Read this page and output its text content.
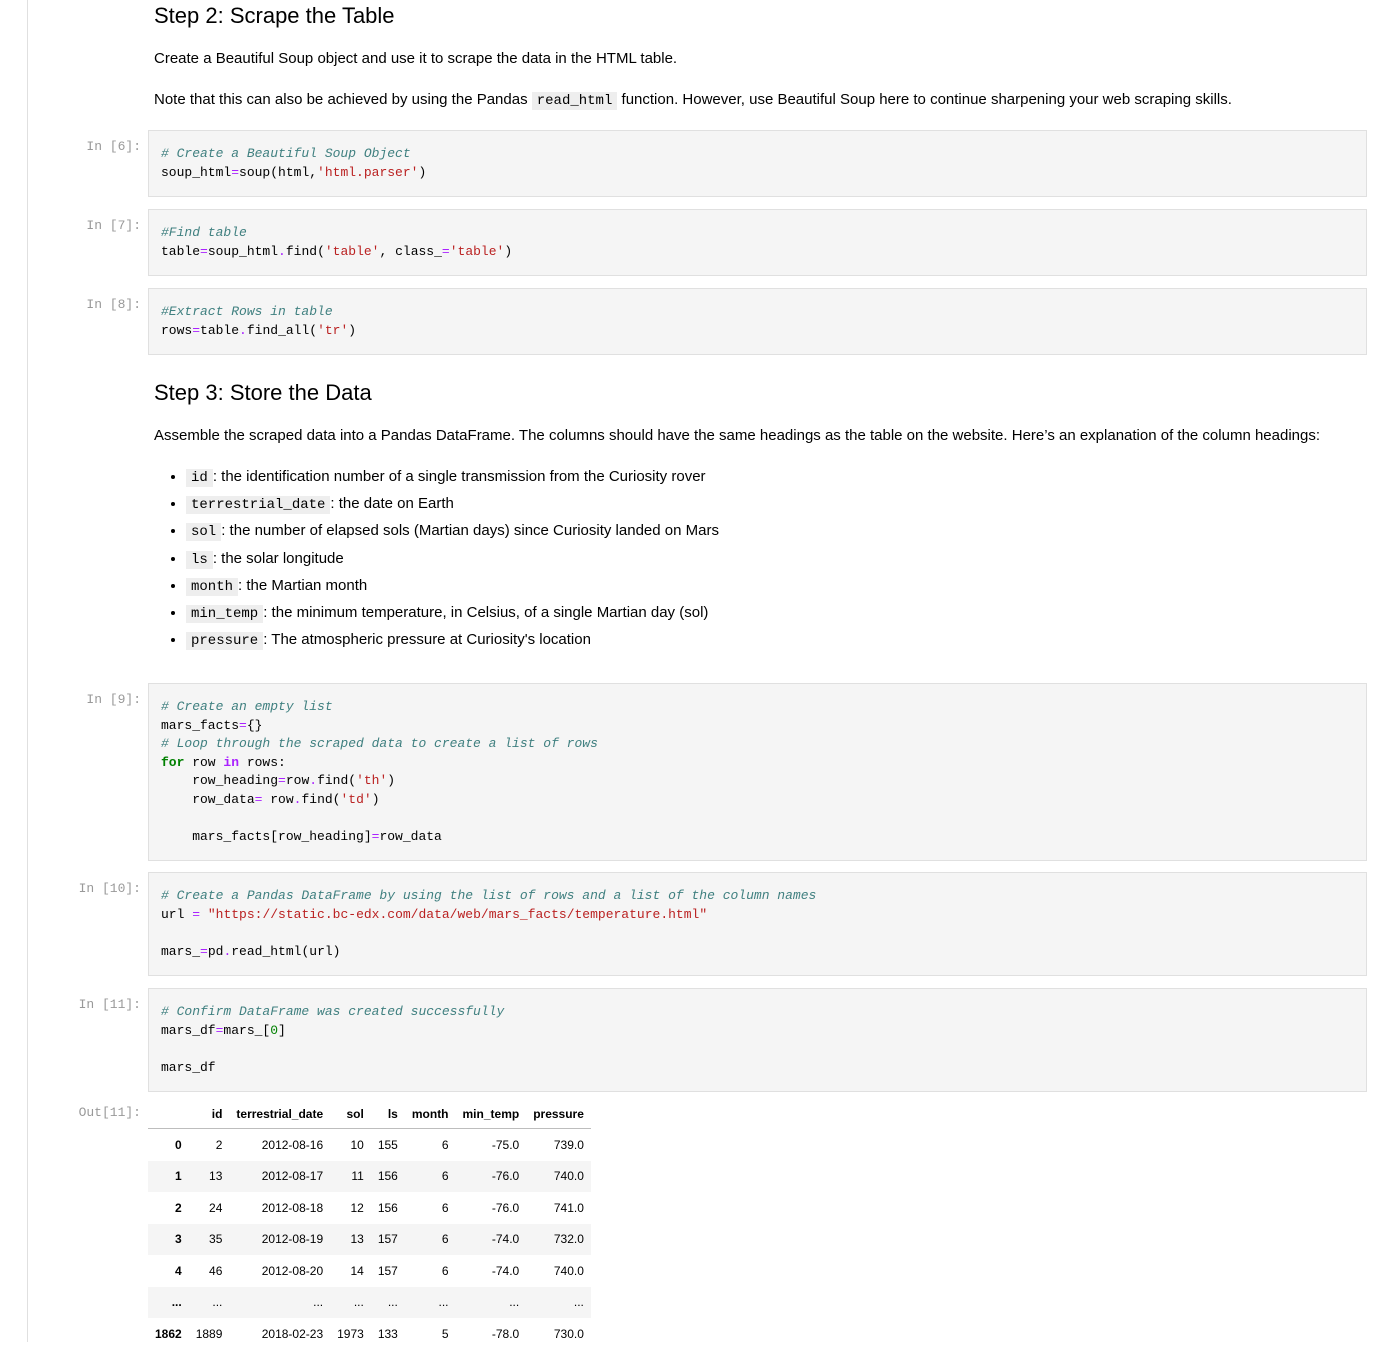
Step 2: Scrape the Table

Create a Beautiful Soup object and use it to scrape the data in the HTML table.

Note that this can also be achieved by using the Pandas read_html function. However, use Beautiful Soup here to continue sharpening your web scraping skills.

Step 3: Store the Data

Assemble the scraped data into a Pandas DataFrame. The columns should have the same headings as the table on the website. Here’s an explanation of the column headings:

• id : the identification number of a single transmission from the Curiosity rover
• terrestrial_date : the date on Earth
• sol : the number of elapsed sols (Martian days) since Curiosity landed on Mars
• ls : the solar longitude
• month : the Martian month
• min_temp : the minimum temperature, in Celsius, of a single Martian day (sol)
• pressure : The atmospheric pressure at Curiosity's location
In [6]: # Create a Beautiful Soup Object
soup_html=soup(html,'html.parser')
In [7]: #Find table
table=soup_html.find('table', class_='table')
In [8]: #Extract Rows in table
rows=table.find_all('tr')
In [9]: # Create an empty list
mars_facts={}
# Loop through the scraped data to create a list of rows
for row in rows:
row_heading=row.find('th')
row_data= row.find('td')
mars_facts[row_heading]=row_data
In [10]: # Create a Pandas DataFrame by using the list of rows and a list of the column names
url = "https://static.bc-edx.com/data/web/mars_facts/temperature.html"
mars_=pd.read_html(url)
In [11]: # Confirm DataFrame was created successfully
mars_df=mars_[0]
mars_df
Out[11]:
		id	terrestrial_date	sol	ls	month	min_temp	pressure
0	2	2012-08-16	10	155	6	-75.0	739.0
1	13	2012-08-17	11	156	6	-76.0	740.0
2	24	2012-08-18	12	156	6	-76.0	741.0
3	35	2012-08-19	13	157	6	-74.0	732.0
4	46	2012-08-20	14	157	6	-74.0	740.0
...	...	...	...	...	...	...	...
1862	1889	2018-02-23	1973	133	5	-78.0	730.0
